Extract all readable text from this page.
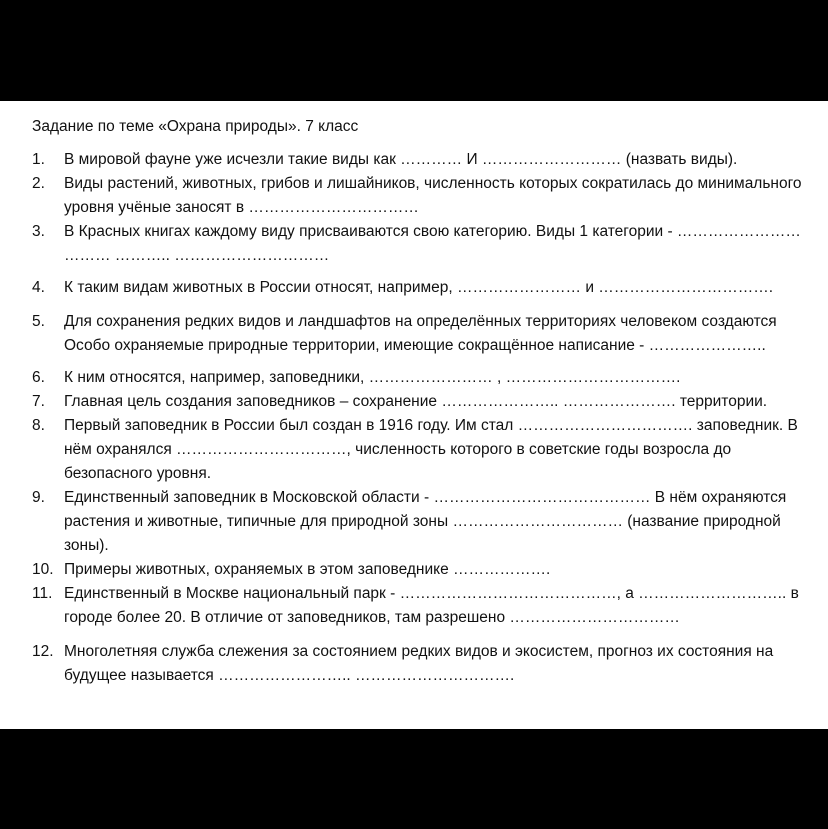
Задание по теме «Охрана природы». 7 класс
1.	В мировой фауне уже исчезли такие виды как ………… И ……………………… (назвать виды).
2.	Виды растений, животных, грибов и лишайников, численность которых сократилась до минимального уровня учёные заносят в ……………………………
3.	В Красных книгах каждому виду присваиваются свою категорию. Виды 1 категории - …………………… ……… ……….. …………………………
4.	К таким видам животных в России относят, например, …………………… и …………………………….
5.	Для сохранения редких видов и ландшафтов на определённых территориях человеком создаются Особо охраняемые природные территории, имеющие сокращённое написание - …………………..
6.	К ним относятся, например, заповедники, …………………… , …………………………….
7.	Главная цель создания заповедников – сохранение ………………….. …………………. территории.
8.	Первый заповедник в России был создан в 1916 году. Им стал ……………………………. заповедник. В нём охранялся ……………………………, численность которого в советские годы возросла до безопасного уровня.
9.	Единственный заповедник в Московской области - …………………………………… В нём охраняются растения и животные, типичные для природной зоны …………………………… (название природной зоны).
10. Примеры животных, охраняемых в этом заповеднике ……………….
11. Единственный в Москве национальный парк - ……………………………………, а ……………………….. в городе более 20. В отличие от заповедников, там разрешено ……………………………
12. Многолетняя служба слежения за состоянием редких видов и экосистем, прогноз их состояния на будущее называется …………………….. ………………………….
